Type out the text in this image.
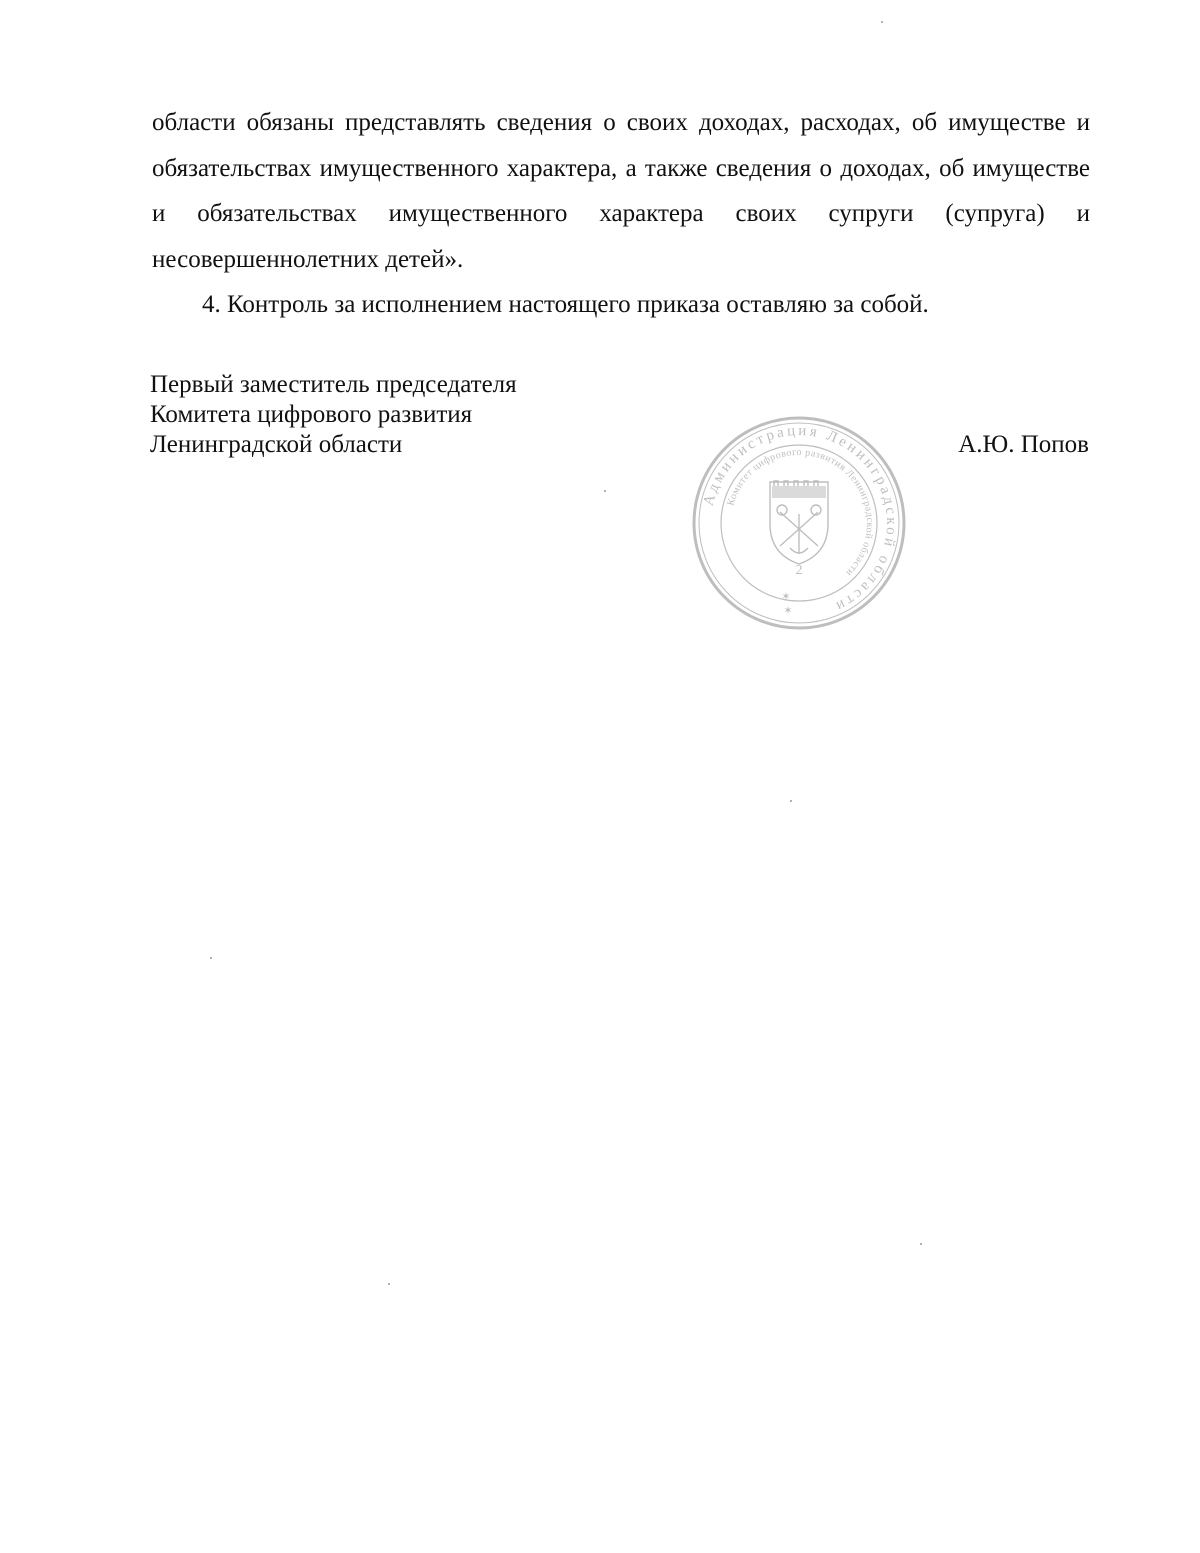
области обязаны представлять сведения о своих доходах, расходах, об имуществе и обязательствах имущественного характера, а также сведения о доходах, об имуществе и обязательствах имущественного характера своих супруги (супруга) и несовершеннолетних детей».

4. Контроль за исполнением настоящего приказа оставляю за собой.

Первый заместитель председателя
Комитета цифрового развития
Ленинградской области	А.Ю. Попов
Администрация Ленинградской области
Комитет цифрового развития Ленинградской области
2
✶
✶
